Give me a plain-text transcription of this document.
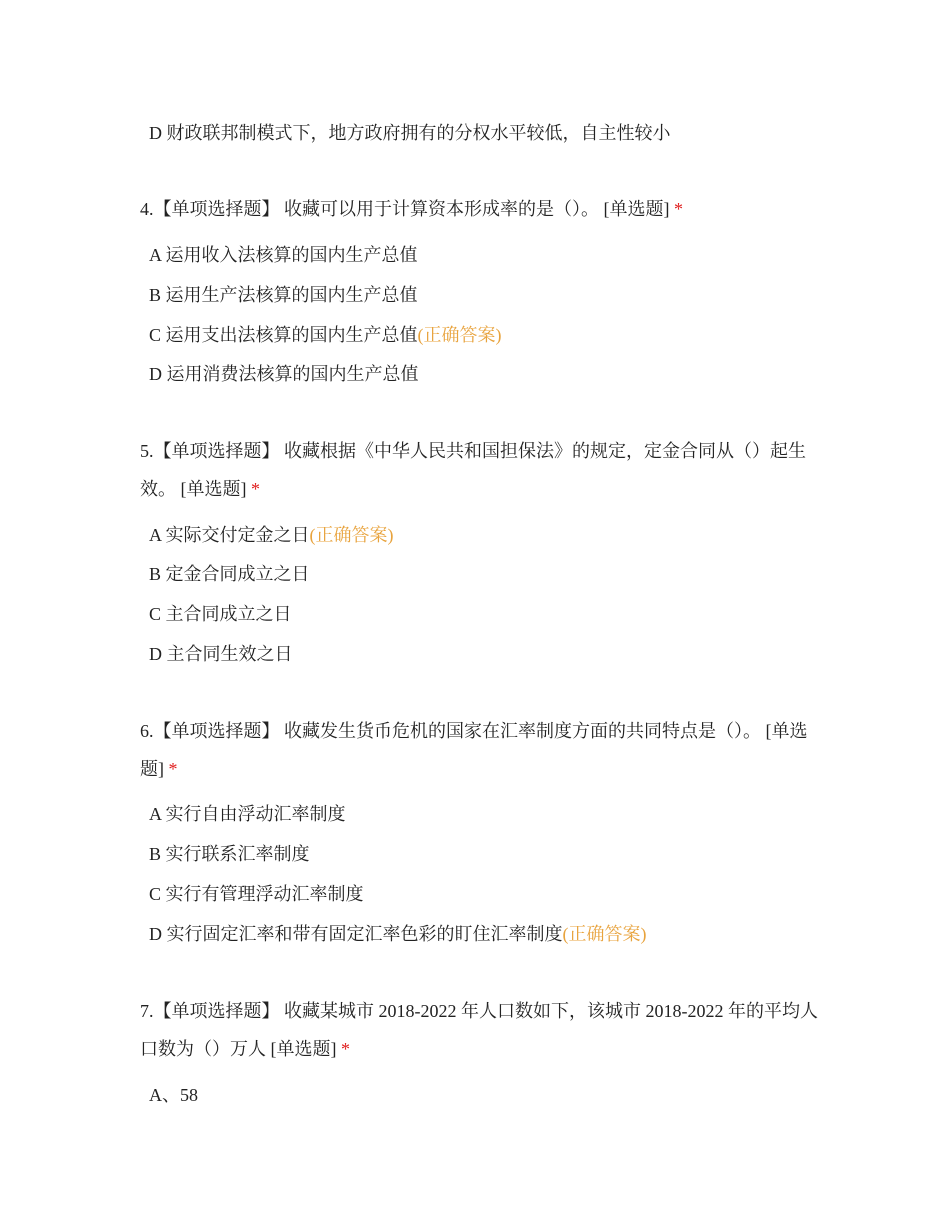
D 财政联邦制模式下，地方政府拥有的分权水平较低，自主性较小
4.【单项选择题】 收藏可以用于计算资本形成率的是（）。 [单选题] *
A 运用收入法核算的国内生产总值
B 运用生产法核算的国内生产总值
C 运用支出法核算的国内生产总值(正确答案)
D 运用消费法核算的国内生产总值
5.【单项选择题】 收藏根据《中华人民共和国担保法》的规定，定金合同从（）起生效。 [单选题] *
A 实际交付定金之日(正确答案)
B 定金合同成立之日
C 主合同成立之日
D 主合同生效之日
6.【单项选择题】 收藏发生货币危机的国家在汇率制度方面的共同特点是（）。 [单选题] *
A 实行自由浮动汇率制度
B 实行联系汇率制度
C 实行有管理浮动汇率制度
D 实行固定汇率和带有固定汇率色彩的盯住汇率制度(正确答案)
7.【单项选择题】 收藏某城市 2018-2022 年人口数如下，该城市 2018-2022 年的平均人口数为（）万人 [单选题] *
A、58
